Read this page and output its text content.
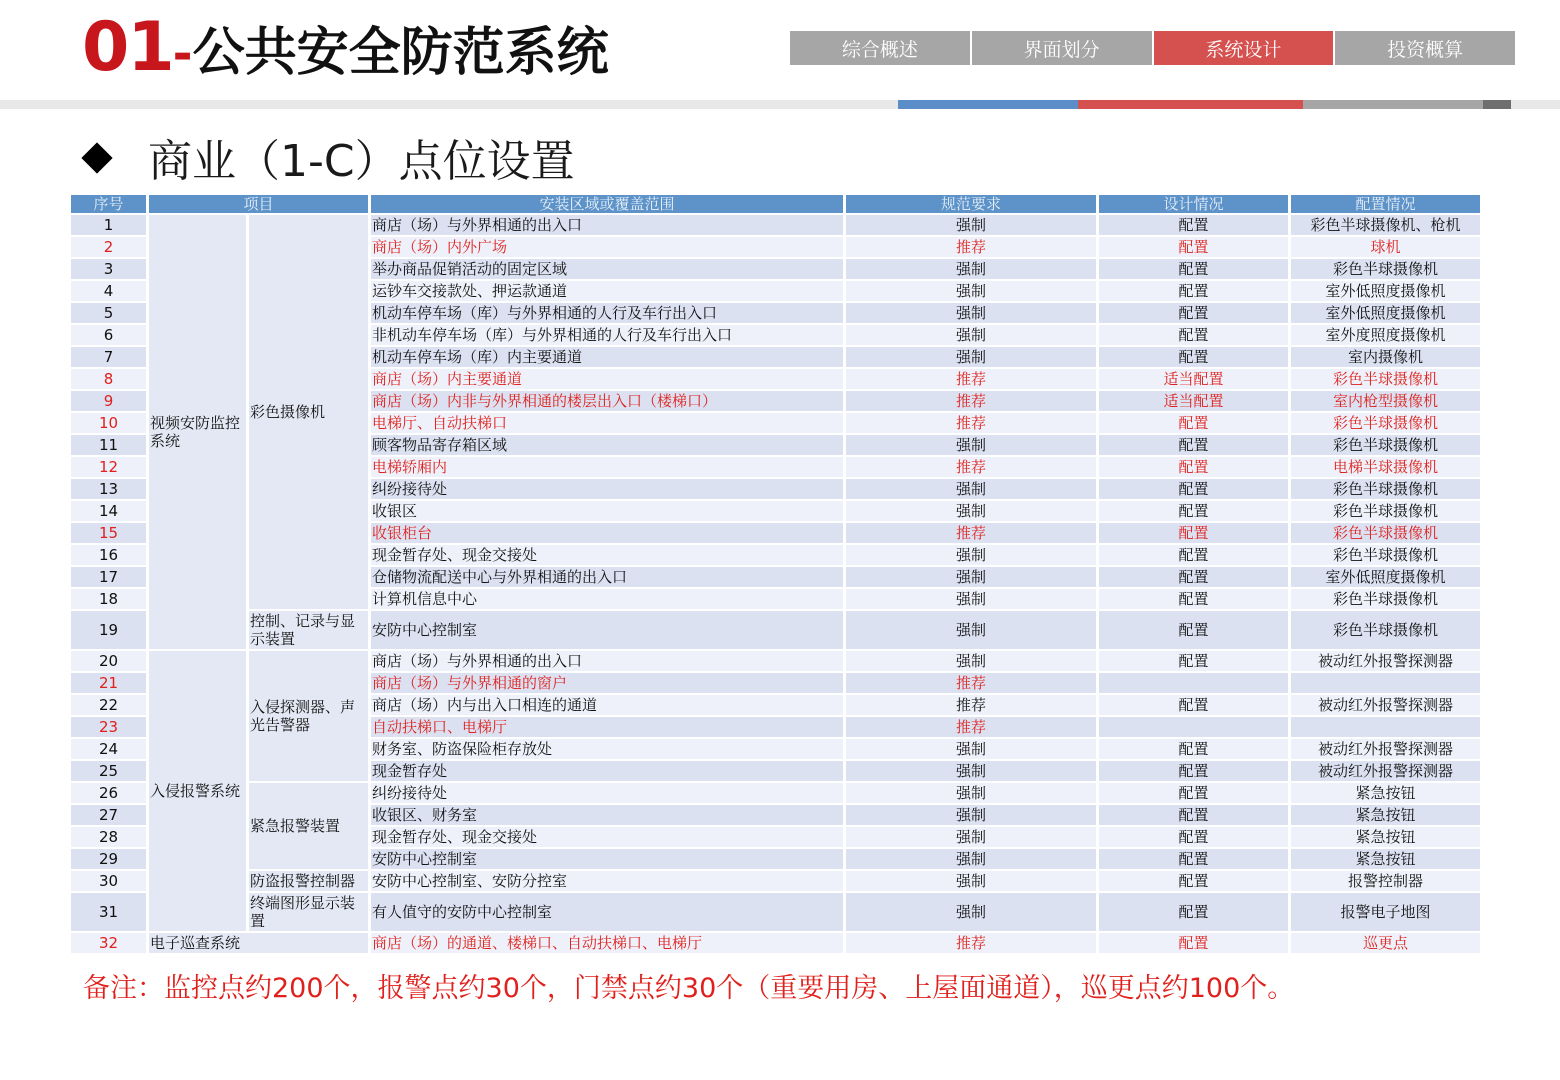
01-公共安全防范系统	综合概述	界面划分	系统设计	投资概算
商业（1-C）点位设置
序号	项目		安装区域或覆盖范围	规范要求	设计情况	配置情况
1	视频安防监控系统	彩色摄像机	商店（场）与外界相通的出入口	强制	配置	彩色半球摄像机、枪机
2			商店（场）内外广场	推荐	配置	球机
3			举办商品促销活动的固定区域	强制	配置	彩色半球摄像机
4			运钞车交接款处、押运款通道	强制	配置	室外低照度摄像机
5			机动车停车场（库）与外界相通的人行及车行出入口	强制	配置	室外低照度摄像机
6			非机动车停车场（库）与外界相通的人行及车行出入口	强制	配置	室外度照度摄像机
7			机动车停车场（库）内主要通道	强制	配置	室内摄像机
8			商店（场）内主要通道	推荐	适当配置	彩色半球摄像机
9			商店（场）内非与外界相通的楼层出入口（楼梯口）	推荐	适当配置	室内枪型摄像机
10			电梯厅、自动扶梯口	推荐	配置	彩色半球摄像机
11			顾客物品寄存箱区域	强制	配置	彩色半球摄像机
12			电梯轿厢内	推荐	配置	电梯半球摄像机
13			纠纷接待处	强制	配置	彩色半球摄像机
14			收银区	强制	配置	彩色半球摄像机
15			收银柜台	推荐	配置	彩色半球摄像机
16			现金暂存处、现金交接处	强制	配置	彩色半球摄像机
17			仓储物流配送中心与外界相通的出入口	强制	配置	室外低照度摄像机
18			计算机信息中心	强制	配置	彩色半球摄像机
19		控制、记录与显示装置	安防中心控制室	强制	配置	彩色半球摄像机
20	入侵报警系统	入侵探测器、声光告警器	商店（场）与外界相通的出入口	强制	配置	被动红外报警探测器
21			商店（场）与外界相通的窗户	推荐		
22			商店（场）内与出入口相连的通道	推荐	配置	被动红外报警探测器
23			自动扶梯口、电梯厅	推荐		
24			财务室、防盗保险柜存放处	强制	配置	被动红外报警探测器
25			现金暂存处	强制	配置	被动红外报警探测器
26		紧急报警装置	纠纷接待处	强制	配置	紧急按钮
27			收银区、财务室	强制	配置	紧急按钮
28			现金暂存处、现金交接处	强制	配置	紧急按钮
29			安防中心控制室	强制	配置	紧急按钮
30		防盗报警控制器	安防中心控制室、安防分控室	强制	配置	报警控制器
31		终端图形显示装置	有人值守的安防中心控制室	强制	配置	报警电子地图
32	电子巡查系统		商店（场）的通道、楼梯口、自动扶梯口、电梯厅	推荐	配置	巡更点
备注：监控点约200个，报警点约30个，门禁点约30个（重要用房、上屋面通道），巡更点约100个。
